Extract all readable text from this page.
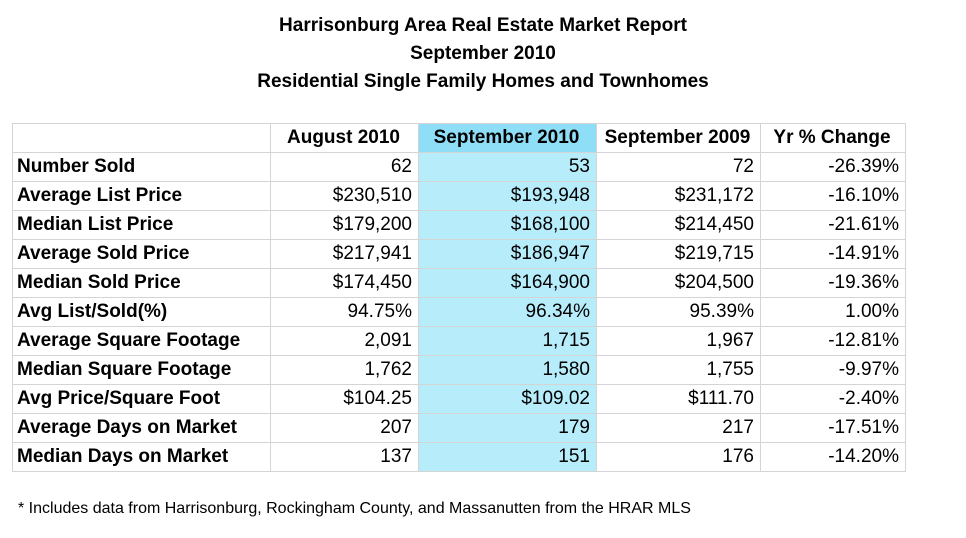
Harrisonburg Area Real Estate Market Report
September 2010
Residential Single Family Homes and Townhomes
	August 2010	September 2010	September 2009	Yr % Change
Number Sold	62	53	72	-26.39%
Average List Price	$230,510	$193,948	$231,172	-16.10%
Median List Price	$179,200	$168,100	$214,450	-21.61%
Average Sold Price	$217,941	$186,947	$219,715	-14.91%
Median Sold Price	$174,450	$164,900	$204,500	-19.36%
Avg List/Sold(%)	94.75%	96.34%	95.39%	1.00%
Average Square Footage	2,091	1,715	1,967	-12.81%
Median Square Footage	1,762	1,580	1,755	-9.97%
Avg Price/Square Foot	$104.25	$109.02	$111.70	-2.40%
Average Days on Market	207	179	217	-17.51%
Median Days on Market	137	151	176	-14.20%
* Includes data from Harrisonburg, Rockingham County, and Massanutten from the HRAR MLS
